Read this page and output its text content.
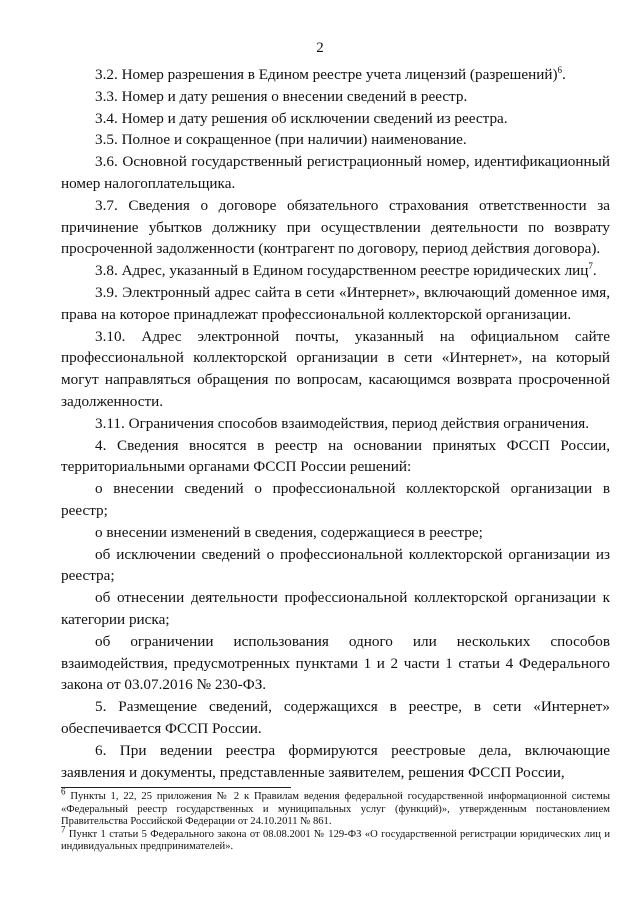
2

3.2. Номер разрешения в Едином реестре учета лицензий (разрешений)$^6$.

3.3. Номер и дату решения о внесении сведений в реестр.

3.4. Номер и дату решения об исключении сведений из реестра.

3.5. Полное и сокращенное (при наличии) наименование.

3.6. Основной государственный регистрационный номер, идентификационный номер налогоплательщика.

3.7. Сведения о договоре обязательного страхования ответственности за причинение убытков должнику при осуществлении деятельности по возврату просроченной задолженности (контрагент по договору, период действия договора).

3.8. Адрес, указанный в Едином государственном реестре юридических лиц$^7$.

3.9. Электронный адрес сайта в сети «Интернет», включающий доменное имя, права на которое принадлежат профессиональной коллекторской организации.

3.10. Адрес электронной почты, указанный на официальном сайте профессиональной коллекторской организации в сети «Интернет», на который могут направляться обращения по вопросам, касающимся возврата просроченной задолженности.

3.11. Ограничения способов взаимодействия, период действия ограничения.

4. Сведения вносятся в реестр на основании принятых ФССП России, территориальными органами ФССП России решений:

о внесении сведений о профессиональной коллекторской организации в реестр;

о внесении изменений в сведения, содержащиеся в реестре;

об исключении сведений о профессиональной коллекторской организации из реестра;

об отнесении деятельности профессиональной коллекторской организации к категории риска;

об ограничении использования одного или нескольких способов взаимодействия, предусмотренных пунктами 1 и 2 части 1 статьи 4 Федерального закона от 03.07.2016 № 230-ФЗ.

5. Размещение сведений, содержащихся в реестре, в сети «Интернет» обеспечивается ФССП России.

6. При ведении реестра формируются реестровые дела, включающие заявления и документы, представленные заявителем, решения ФССП России,

$^6$ Пункты 1, 22, 25 приложения № 2 к Правилам ведения федеральной государственной информационной системы «Федеральный реестр государственных и муниципальных услуг (функций)», утвержденным постановлением Правительства Российской Федерации от 24.10.2011 № 861.

$^7$ Пункт 1 статьи 5 Федерального закона от 08.08.2001 № 129-ФЗ «О государственной регистрации юридических лиц и индивидуальных предпринимателей».
